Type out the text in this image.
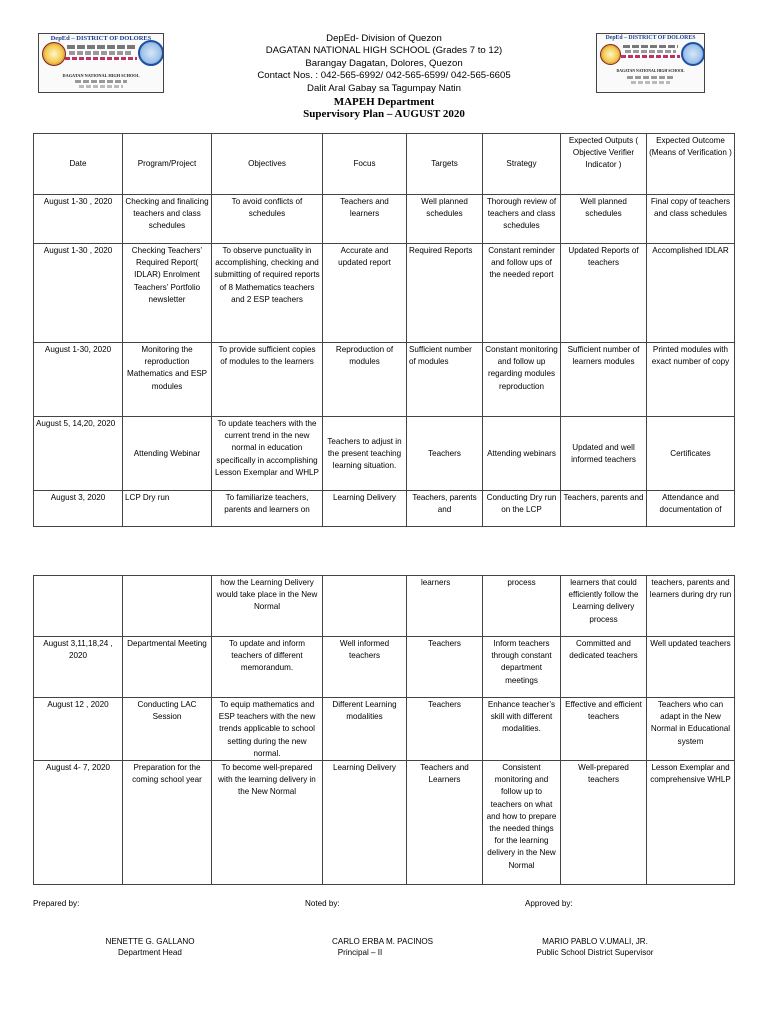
DepEd – DISTRICT OF DOLORES
DAGATAN NATIONAL HIGH SCHOOL
DepEd – DISTRICT OF DOLORES
DAGATAN NATIONAL HIGH SCHOOL
DepEd- Division of Quezon
DAGATAN NATIONAL HIGH SCHOOL (Grades 7 to 12)
Barangay Dagatan, Dolores, Quezon
Contact Nos. : 042-565-6992/ 042-565-6599/ 042-565-6605
Dalit Aral Gabay sa Tagumpay Natin
MAPEH Department
Supervisory Plan – AUGUST 2020
Date	Program/Project	Objectives	Focus	Targets	Strategy	Expected Outputs ( Objective Verifier Indicator )	Expected Outcome (Means of Verification )
August 1-30 , 2020	Checking and finalicing teachers and class schedules	To avoid conflicts of schedules	Teachers and learners	Well planned schedules	Thorough review of teachers and class schedules	Well planned schedules	Final copy of teachers and class schedules
August 1-30 , 2020	Checking Teachers’ Required Report( IDLAR) Enrolment Teachers’ Portfolio newsletter	To observe punctuality in accomplishing, checking and submitting of required reports of 8 Mathematics teachers and 2 ESP teachers	Accurate and updated report	Required Reports	Constant reminder and follow ups of the needed report	Updated Reports of teachers	Accomplished IDLAR
August 1-30, 2020	Monitoring the reproduction Mathematics and ESP modules	To provide sufficient copies of modules to the learners	Reproduction of modules	Sufficient number of modules	Constant monitoring and follow up regarding modules reproduction	Sufficient number of learners modules	Printed modules with exact number of copy
August 5, 14,20, 2020	Attending Webinar	To update teachers with the current trend in the new normal in education specifically in accomplishing Lesson Exemplar and WHLP	Teachers to adjust in the present teaching learning situation.	Teachers	Attending webinars	Updated and well informed teachers	Certificates
August 3, 2020	LCP Dry run	To familiarize teachers, parents and learners on	Learning Delivery	Teachers, parents and	Conducting Dry run on the LCP	Teachers, parents and	Attendance and documentation of
		how the Learning Delivery would take place in the New Normal		learners	process	learners that could efficiently follow the Learning delivery process	teachers, parents and learners during dry run
August 3,11,18,24 , 2020	Departmental Meeting	To update and inform teachers of different memorandum.	Well informed teachers	Teachers	Inform teachers through constant department meetings	Committed and dedicated teachers	Well updated teachers
August 12 , 2020	Conducting LAC Session	To equip mathematics and ESP teachers with the new trends applicable to school setting during the new normal.	Different Learning modalities	Teachers	Enhance teacher’s skill with different modalities.	Effective and efficient teachers	Teachers who can adapt in the New Normal in Educational system
August 4- 7, 2020	Preparation for the coming school year	To become well-prepared with the learning delivery in the New Normal	Learning Delivery	Teachers and Learners	Consistent monitoring and follow up to teachers on what and how to prepare the needed things for the learning delivery in the New Normal	Well-prepared teachers	Lesson Exemplar and comprehensive WHLP
Prepared by:	Noted by:	Approved by:
NENETTE G. GALLANO
Department Head
CARLO ERBA M. PACINOS
Principal – II
MARIO PABLO V.UMALI, JR.
Public School District Supervisor
